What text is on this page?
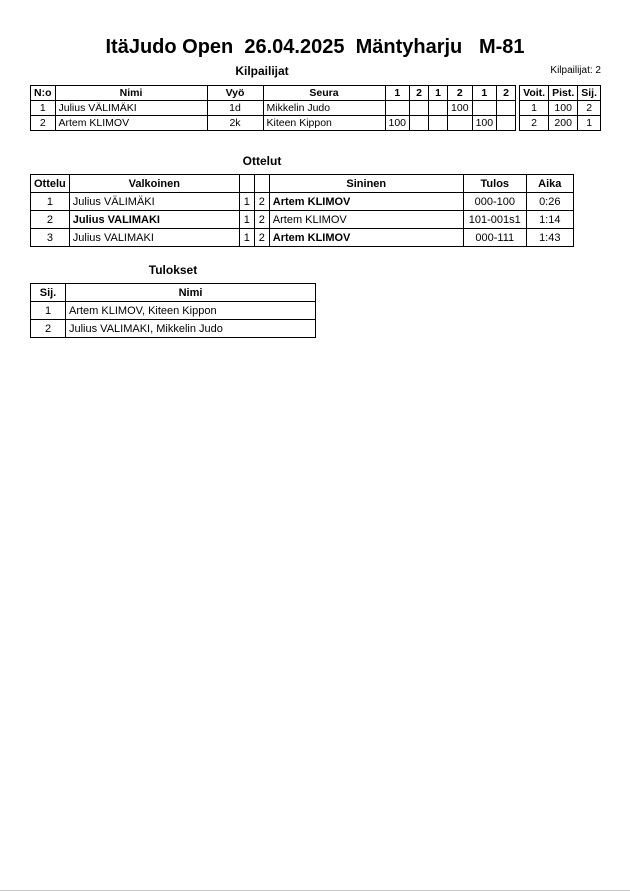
ItäJudo Open  26.04.2025  Mäntyharju   M-81
Kilpailijat: 2
Kilpailijat
N:o	Nimi	Vyö	Seura	1	2	1	2	1	2		Voit.	Pist.	Sij.
1	Julius VÄLIMÄKI	1d	Mikkelin Judo				100				1	100	2
2	Artem KLIMOV	2k	Kiteen Kippon	100				100			2	200	1
Ottelut
Ottelu	Valkoinen			Sininen	Tulos	Aika
1	Julius VÄLIMÄKI	1	2	Artem KLIMOV	000-100	0:26
2	Julius VALIMAKI	1	2	Artem KLIMOV	101-001s1	1:14
3	Julius VALIMAKI	1	2	Artem KLIMOV	000-111	1:43
Tulokset
Sij.	Nimi
1	Artem KLIMOV, Kiteen Kippon
2	Julius VALIMAKI, Mikkelin Judo
